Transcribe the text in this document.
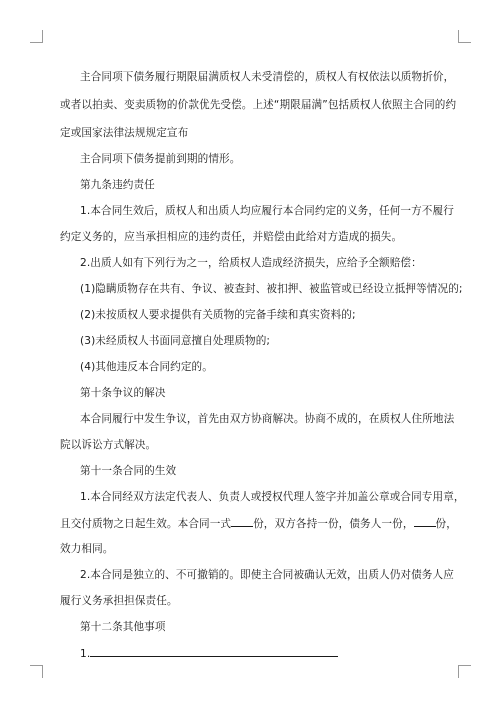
主合同项下债务履行期限届满质权人未受清偿的，质权人有权依法以质物折价，
或者以拍卖、变卖质物的价款优先受偿。上述“期限届满”包括质权人依照主合同的约
定或国家法律法规规定宣布
主合同项下债务提前到期的情形。
第九条违约责任
1.本合同生效后，质权人和出质人均应履行本合同约定的义务，任何一方不履行
约定义务的，应当承担相应的违约责任，并赔偿由此给对方造成的损失。
2.出质人如有下列行为之一，给质权人造成经济损失，应给予全额赔偿：
(1)隐瞒质物存在共有、争议、被查封、被扣押、被监管或已经设立抵押等情况的;
(2)未按质权人要求提供有关质物的完备手续和真实资料的;
(3)未经质权人书面同意擅自处理质物的;
(4)其他违反本合同约定的。
第十条争议的解决
本合同履行中发生争议，首先由双方协商解决。协商不成的，在质权人住所地法
院以诉讼方式解决。
第十一条合同的生效
1.本合同经双方法定代表人、负责人或授权代理人签字并加盖公章或合同专用章，
且交付质物之日起生效。本合同一式 份，双方各持一份，债务人一份， 份，
效力相同。
2.本合同是独立的、不可撤销的。即使主合同被确认无效，出质人仍对债务人应
履行义务承担担保责任。
第十二条其他事项
1.
